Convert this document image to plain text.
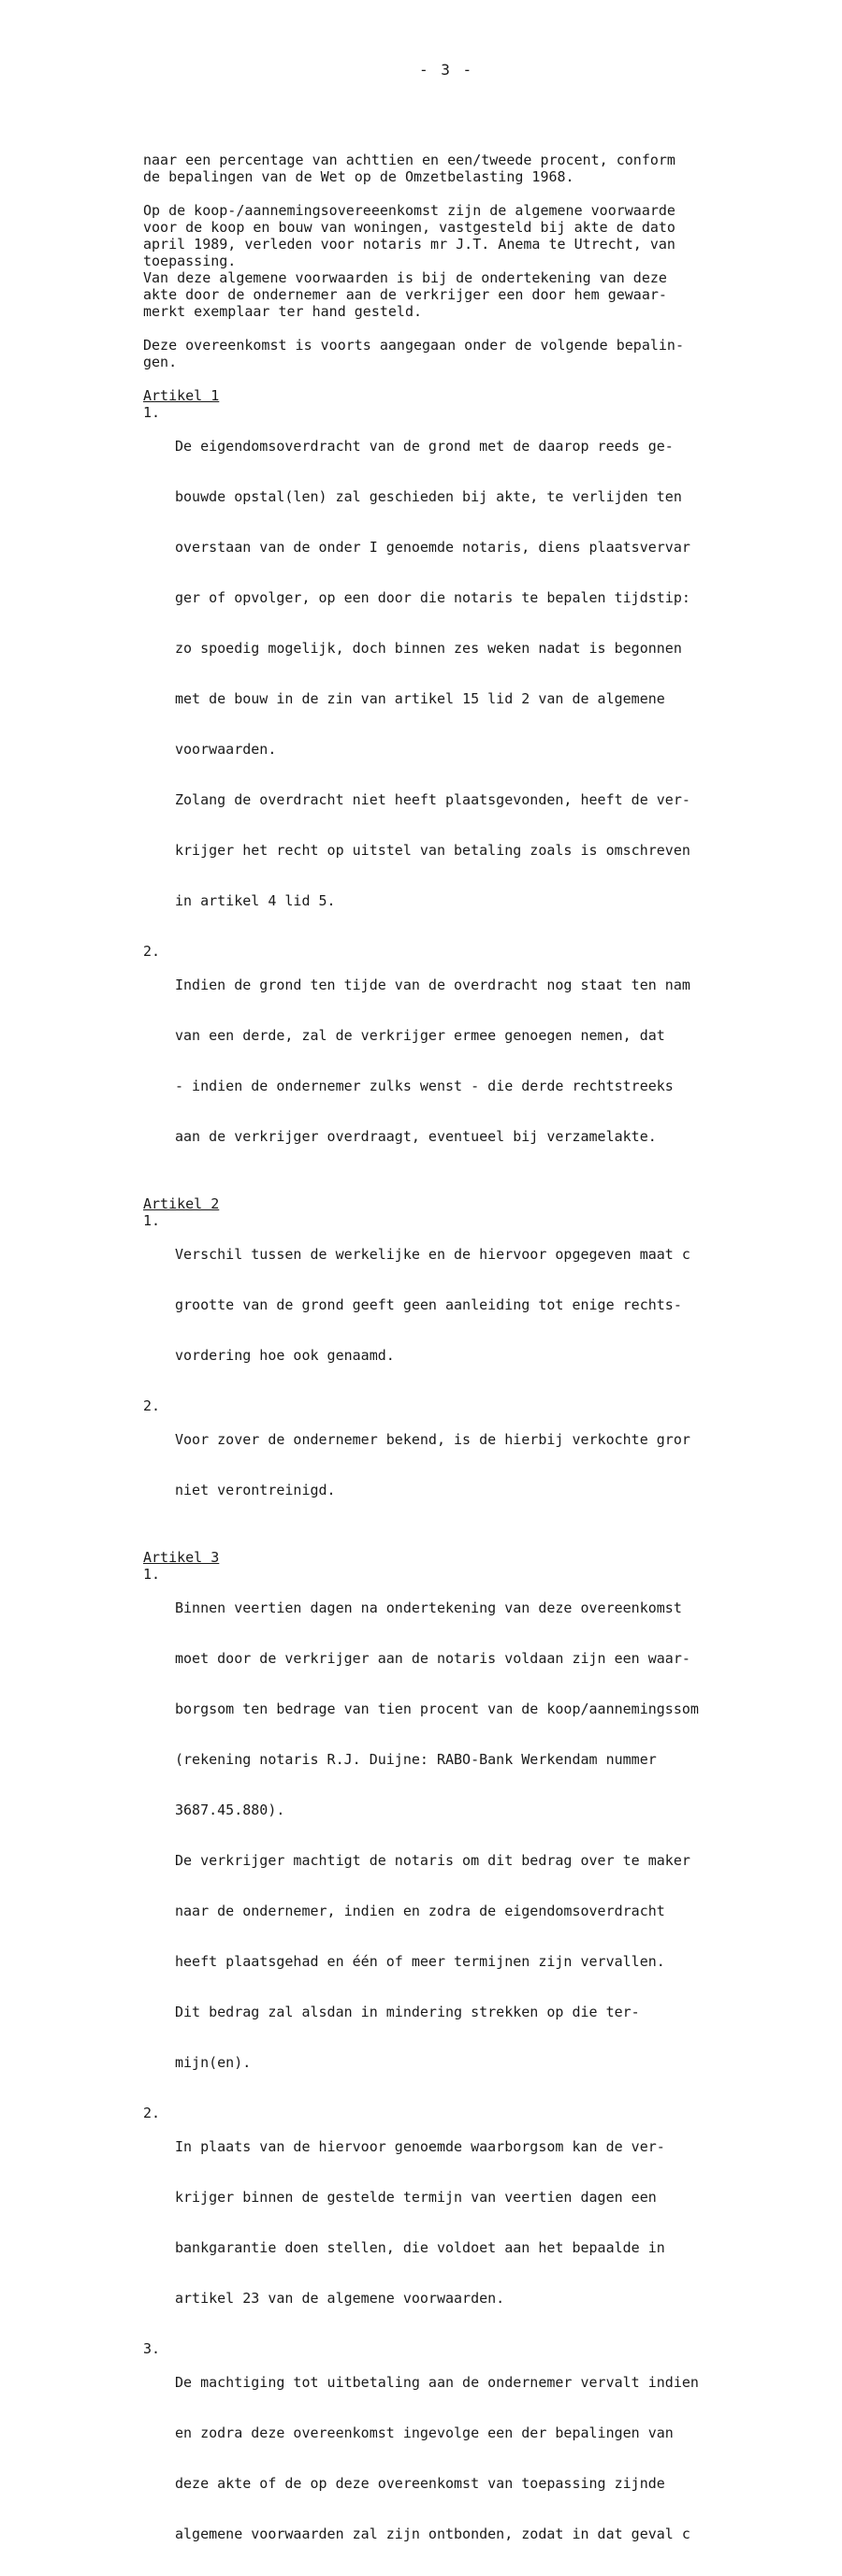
- 3 -

naar een percentage van achttien en een/tweede procent, conform

de bepalingen van de Wet op de Omzetbelasting 1968.

Op de koop-/aannemingsovereeenkomst zijn de algemene voorwaarde

voor de koop en bouw van woningen, vastgesteld bij akte de dato

april 1989, verleden voor notaris mr J.T. Anema te Utrecht, van

toepassing.

Van deze algemene voorwaarden is bij de ondertekening van deze

akte door de ondernemer aan de verkrijger een door hem gewaar-

merkt exemplaar ter hand gesteld.

Deze overeenkomst is voorts aangegaan onder de volgende bepalin-

gen.

Artikel 1

1.

De eigendomsoverdracht van de grond met de daarop reeds ge-

bouwde opstal(len) zal geschieden bij akte, te verlijden ten

overstaan van de onder I genoemde notaris, diens plaatsvervar

ger of opvolger, op een door die notaris te bepalen tijdstip:

zo spoedig mogelijk, doch binnen zes weken nadat is begonnen

met de bouw in de zin van artikel 15 lid 2 van de algemene

voorwaarden.

Zolang de overdracht niet heeft plaatsgevonden, heeft de ver-

krijger het recht op uitstel van betaling zoals is omschreven

in artikel 4 lid 5.

2.

Indien de grond ten tijde van de overdracht nog staat ten nam

van een derde, zal de verkrijger ermee genoegen nemen, dat

- indien de ondernemer zulks wenst - die derde rechtstreeks

aan de verkrijger overdraagt, eventueel bij verzamelakte.

Artikel 2

1.

Verschil tussen de werkelijke en de hiervoor opgegeven maat c

grootte van de grond geeft geen aanleiding tot enige rechts-

vordering hoe ook genaamd.

2.

Voor zover de ondernemer bekend, is de hierbij verkochte gror

niet verontreinigd.

Artikel 3

1.

Binnen veertien dagen na ondertekening van deze overeenkomst

moet door de verkrijger aan de notaris voldaan zijn een waar-

borgsom ten bedrage van tien procent van de koop/aannemingssom

(rekening notaris R.J. Duijne: RABO-Bank Werkendam nummer

3687.45.880).

De verkrijger machtigt de notaris om dit bedrag over te maker

naar de ondernemer, indien en zodra de eigendomsoverdracht

heeft plaatsgehad en één of meer termijnen zijn vervallen.

Dit bedrag zal alsdan in mindering strekken op die ter-

mijn(en).

2.

In plaats van de hiervoor genoemde waarborgsom kan de ver-

krijger binnen de gestelde termijn van veertien dagen een

bankgarantie doen stellen, die voldoet aan het bepaalde in

artikel 23 van de algemene voorwaarden.

3.

De machtiging tot uitbetaling aan de ondernemer vervalt indien

en zodra deze overeenkomst ingevolge een der bepalingen van

deze akte of de op deze overeenkomst van toepassing zijnde

algemene voorwaarden zal zijn ontbonden, zodat in dat geval c
